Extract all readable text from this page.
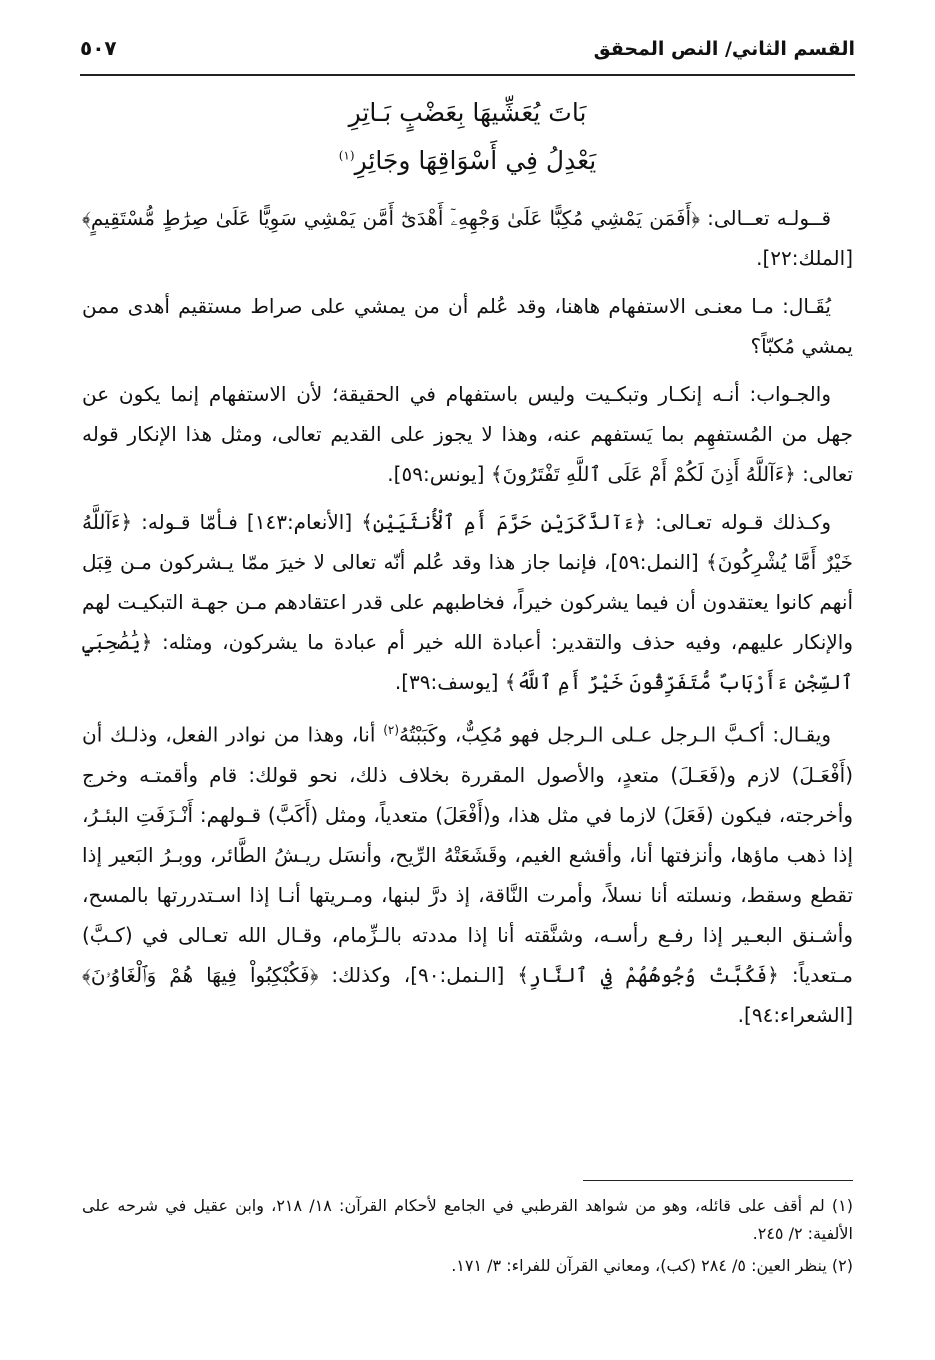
القسم الثاني/ النص المحقق
٥٠٧
بَاتَ يُعَشِّيهَا بِعَضْبٍ بَـاتِرِ
يَعْدِلُ فِي أَسْوَاقِهَا وجَائِرِ$^{(١)}$

قــولـه تعــالى: ﴿أَفَمَن يَمْشِي مُكِبًّا عَلَىٰ وَجْهِهِۦٓ أَهْدَىٰٓ أَمَّن يَمْشِي سَوِيًّا عَلَىٰ صِرَٰطٍ مُّسْتَقِيمٍ﴾ [الملك:٢٢].

يُقَـال: مـا معنـى الاستفهام هاهنا، وقد عُلم أن من يمشي على صراط مستقيم أهدى ممن يمشي مُكبّاً؟

والجـواب: أنـه إنكـار وتبكـيت وليس باستفهام في الحقيقة؛ لأن الاستفهام إنما يكون عن جهل من المُستفهِم بما يَستفهم عنه، وهذا لا يجوز على القديم تعالى، ومثل هذا الإنكار قوله تعالى: ﴿ءَآللَّهُ أَذِنَ لَكُمْ أَمْ عَلَى ٱللَّهِ تَفْتَرُونَ﴾ [يونس:٥٩].

وكـذلك قـوله تعـالى: ﴿ءَآلذَّكَرَيْنِ حَرَّمَ أَمِ ٱلْأُنثَيَيْنِ﴾ [الأنعام:١٤٣] فـأمّا قـوله: ﴿ءَآللَّهُ خَيْرٌ أَمَّا يُشْرِكُونَ﴾ [النمل:٥٩]، فإنما جاز هذا وقد عُلم أنّه تعالى لا خيرَ ممّا يـشركون مـن قِبَل أنهم كانوا يعتقدون أن فيما يشركون خيراً، فخاطبهم على قدر اعتقادهم مـن جهـة التبكيـت لهم والإنكار عليهم، وفيه حذف والتقدير: أعبادة الله خير أم عبادة ما يشركون، ومثله: ﴿يَٰصَٰحِبَيِ ٱلسِّجْنِ ءَأَرْبَابٌ مُّتَفَرِّقُونَ خَيْرٌ أَمِ ٱللَّهُ﴾ [يوسف:٣٩].

ويقـال: أكـبَّ الـرجل عـلى الـرجل فهو مُكِبٌّ، وكَبَبْتُهُ$^{(٢)}$ أنا، وهذا من نوادر الفعل، وذلـك أن (أَفْعَـلَ) لازم و(فَعَـلَ) متعدٍ، والأصول المقررة بخلاف ذلك، نحو قولك: قام وأقمتـه وخرج وأخرجته، فيكون (فَعَلَ) لازما في مثل هذا، و(أَفْعَلَ) متعدياً، ومثل (أَكَبَّ) قـولهم: أَنْـزَفَتِ البئـرُ، إذا ذهب ماؤها، وأنزفتها أنا، وأقشع الغيم، وقَشَعَتْهُ الرِّيح، وأنسَل ريـشُ الطَّائر، ووبـرُ البَعير إذا تقطع وسقط، ونسلته أنا نسلاً، وأمرت النَّاقة، إذ درَّ لبنها، ومـريتها أنـا إذا اسـتدررتها بالمسح، وأشـنق البعـير إذا رفـع رأسـه، وشنَّقته أنا إذا مددته بالـزِّمام، وقـال الله تعـالى في (كـبَّ) مـتعدياً: ﴿فَكُبَّتْ وُجُوهُهُمْ فِي ٱلنَّارِ﴾ [الـنمل:٩٠]، وكذلك: ﴿فَكُبْكِبُواْ فِيهَا هُمْ وَٱلْغَاوُۥنَ﴾ [الشعراء:٩٤].

(١) لم أقف على قائله، وهو من شواهد القرطبي في الجامع لأحكام القرآن: ١٨/ ٢١٨، وابن عقيل في شرحه على الألفية: ٢/ ٢٤٥.

(٢) ينظر العين: ٥/ ٢٨٤ (كب)، ومعاني القرآن للفراء: ٣/ ١٧١.
